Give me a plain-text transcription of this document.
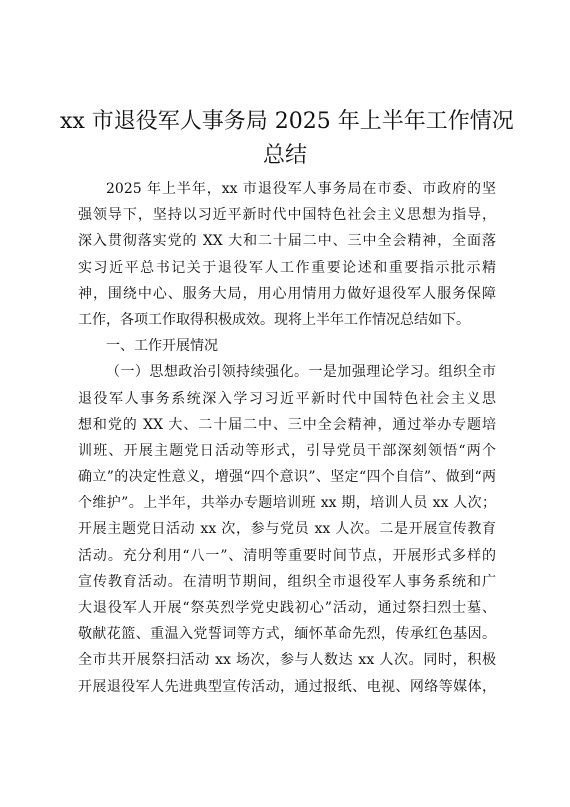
xx 市退役军人事务局 2025 年上半年工作情况
总结
2025 年上半年，xx 市退役军人事务局在市委、市政府的坚
强领导下，坚持以习近平新时代中国特色社会主义思想为指导，
深入贯彻落实党的 XX 大和二十届二中、三中全会精神，全面落
实习近平总书记关于退役军人工作重要论述和重要指示批示精
神，围绕中心、服务大局，用心用情用力做好退役军人服务保障
工作，各项工作取得积极成效。现将上半年工作情况总结如下。
一、工作开展情况
（一）思想政治引领持续强化。一是加强理论学习。组织全市
退役军人事务系统深入学习习近平新时代中国特色社会主义思
想和党的 XX 大、二十届二中、三中全会精神，通过举办专题培
训班、开展主题党日活动等形式，引导党员干部深刻领悟“两个
确立”的决定性意义，增强“四个意识”、坚定“四个自信”、做到“两
个维护”。上半年，共举办专题培训班 xx 期，培训人员 xx 人次；
开展主题党日活动 xx 次，参与党员 xx 人次。二是开展宣传教育
活动。充分利用“八一”、清明等重要时间节点，开展形式多样的
宣传教育活动。在清明节期间，组织全市退役军人事务系统和广
大退役军人开展“祭英烈学党史践初心”活动，通过祭扫烈士墓、
敬献花篮、重温入党誓词等方式，缅怀革命先烈，传承红色基因。
全市共开展祭扫活动 xx 场次，参与人数达 xx 人次。同时，积极
开展退役军人先进典型宣传活动，通过报纸、电视、网络等媒体，
